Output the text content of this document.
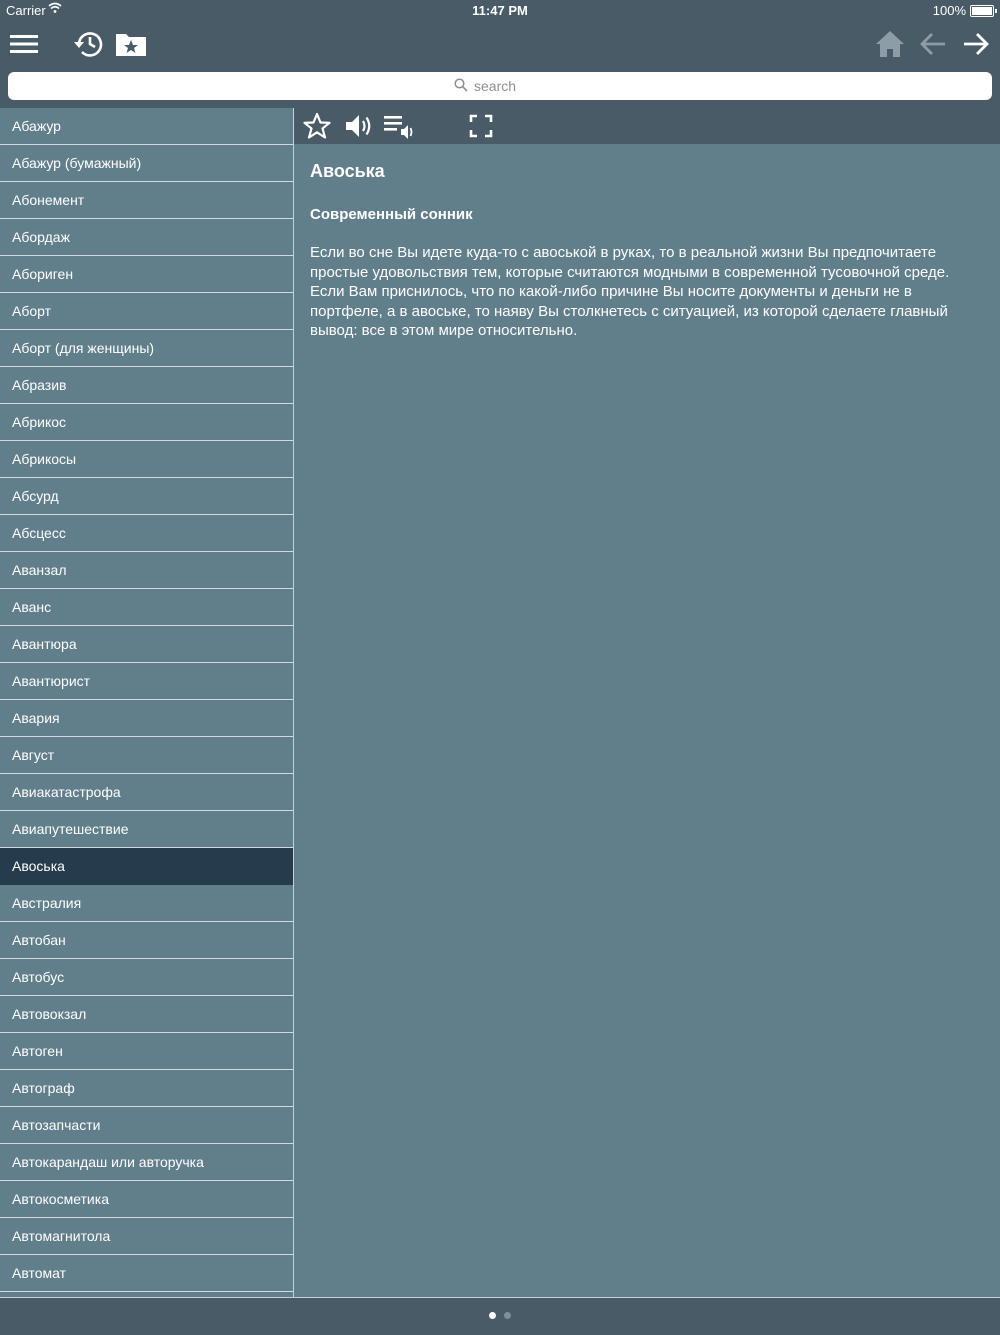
Carrier	11:47 PM	100%
search
Абажур
Абажур (бумажный)
Абонемент
Абордаж
Абориген
Аборт
Аборт (для женщины)
Абразив
Абрикос
Абрикосы
Абсурд
Абсцесс
Аванзал
Аванс
Авантюра
Авантюрист
Авария
Август
Авиакатастрофа
Авиапутешествие
Авоська
Австралия
Автобан
Автобус
Автовокзал
Автоген
Автограф
Автозапчасти
Автокарандаш или авторучка
Автокосметика
Автомагнитола
Автомат
Авоська
Современный сонник
Если во сне Вы идете куда-то с авоськой в руках, то в реальной жизни Вы предпочитаете простые удовольствия тем, которые считаются модными в современной тусовочной среде. Если Вам приснилось, что по какой-либо причине Вы носите документы и деньги не в портфеле, а в авоське, то наяву Вы столкнетесь с ситуацией, из которой сделаете главный вывод: все в этом мире относительно.
